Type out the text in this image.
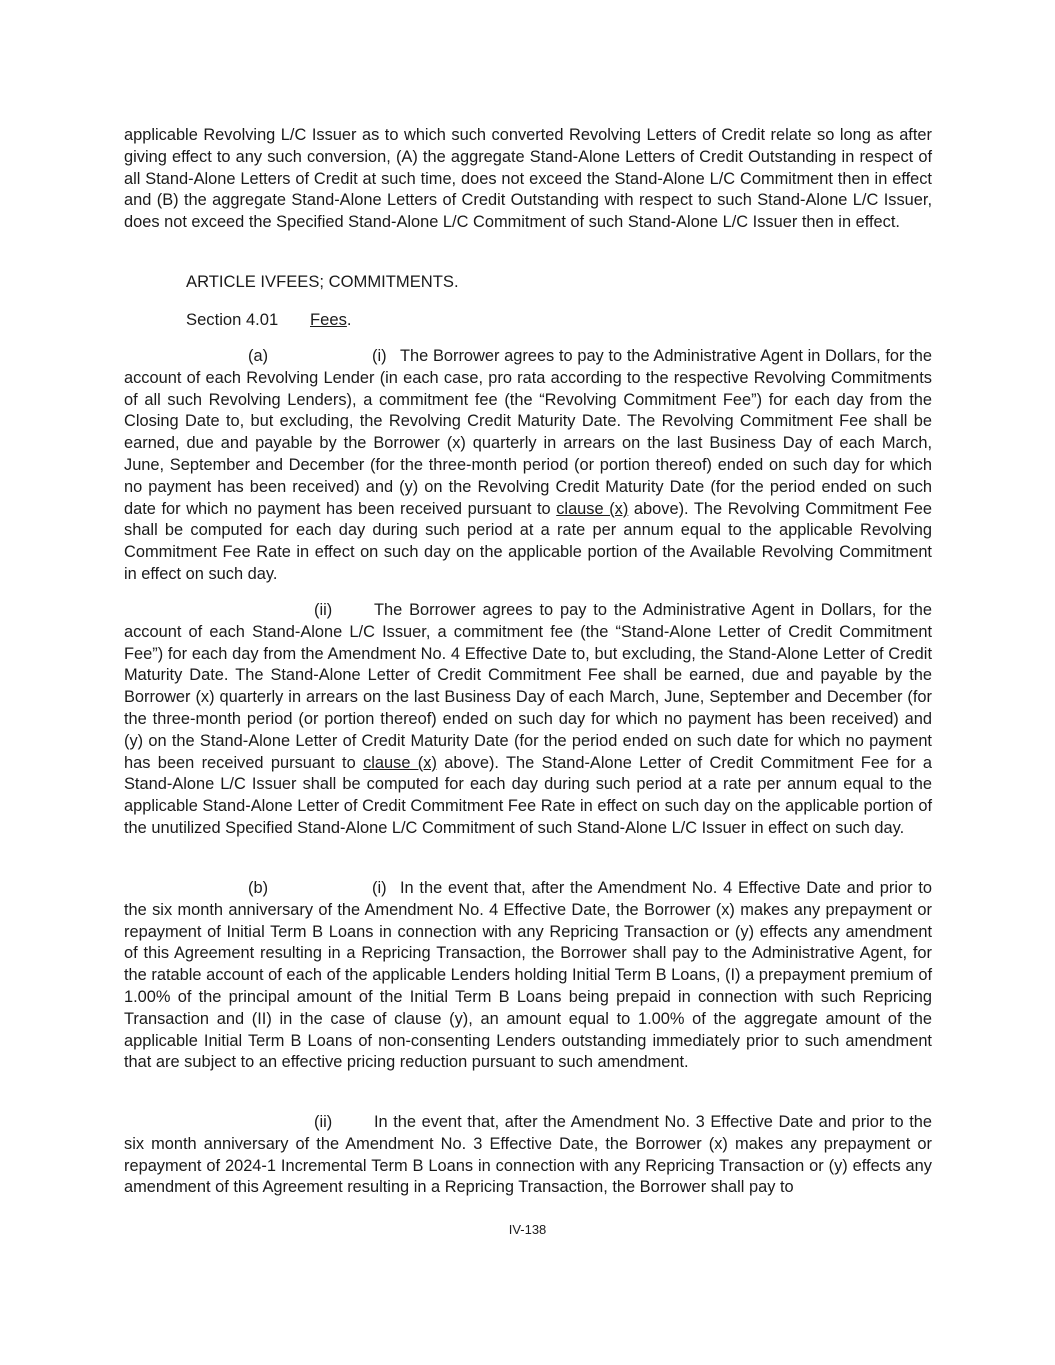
applicable Revolving L/C Issuer as to which such converted Revolving Letters of Credit relate so long as after giving effect to any such conversion, (A) the aggregate Stand-Alone Letters of Credit Outstanding in respect of all Stand-Alone Letters of Credit at such time, does not exceed the Stand-Alone L/C Commitment then in effect and (B) the aggregate Stand-Alone Letters of Credit Outstanding with respect to such Stand-Alone L/C Issuer, does not exceed the Specified Stand-Alone L/C Commitment of such Stand-Alone L/C Issuer then in effect.
ARTICLE IVFEES; COMMITMENTS.
Section 4.01 Fees.
(a)	(i) The Borrower agrees to pay to the Administrative Agent in Dollars, for the account of each Revolving Lender (in each case, pro rata according to the respective Revolving Commitments of all such Revolving Lenders), a commitment fee (the “Revolving Commitment Fee”) for each day from the Closing Date to, but excluding, the Revolving Credit Maturity Date. The Revolving Commitment Fee shall be earned, due and payable by the Borrower (x) quarterly in arrears on the last Business Day of each March, June, September and December (for the three-month period (or portion thereof) ended on such day for which no payment has been received) and (y) on the Revolving Credit Maturity Date (for the period ended on such date for which no payment has been received pursuant to clause (x) above). The Revolving Commitment Fee shall be computed for each day during such period at a rate per annum equal to the applicable Revolving Commitment Fee Rate in effect on such day on the applicable portion of the Available Revolving Commitment in effect on such day.
(ii)	The Borrower agrees to pay to the Administrative Agent in Dollars, for the account of each Stand-Alone L/C Issuer, a commitment fee (the “Stand-Alone Letter of Credit Commitment Fee”) for each day from the Amendment No. 4 Effective Date to, but excluding, the Stand-Alone Letter of Credit Maturity Date. The Stand-Alone Letter of Credit Commitment Fee shall be earned, due and payable by the Borrower (x) quarterly in arrears on the last Business Day of each March, June, September and December (for the three-month period (or portion thereof) ended on such day for which no payment has been received) and (y) on the Stand-Alone Letter of Credit Maturity Date (for the period ended on such date for which no payment has been received pursuant to clause (x) above). The Stand-Alone Letter of Credit Commitment Fee for a Stand-Alone L/C Issuer shall be computed for each day during such period at a rate per annum equal to the applicable Stand-Alone Letter of Credit Commitment Fee Rate in effect on such day on the applicable portion of the unutilized Specified Stand-Alone L/C Commitment of such Stand-Alone L/C Issuer in effect on such day.
(b)	(i) In the event that, after the Amendment No. 4 Effective Date and prior to the six month anniversary of the Amendment No. 4 Effective Date, the Borrower (x) makes any prepayment or repayment of Initial Term B Loans in connection with any Repricing Transaction or (y) effects any amendment of this Agreement resulting in a Repricing Transaction, the Borrower shall pay to the Administrative Agent, for the ratable account of each of the applicable Lenders holding Initial Term B Loans, (I) a prepayment premium of 1.00% of the principal amount of the Initial Term B Loans being prepaid in connection with such Repricing Transaction and (II) in the case of clause (y), an amount equal to 1.00% of the aggregate amount of the applicable Initial Term B Loans of non-consenting Lenders outstanding immediately prior to such amendment that are subject to an effective pricing reduction pursuant to such amendment.
(ii)	In the event that, after the Amendment No. 3 Effective Date and prior to the six month anniversary of the Amendment No. 3 Effective Date, the Borrower (x) makes any prepayment or repayment of 2024-1 Incremental Term B Loans in connection with any Repricing Transaction or (y) effects any amendment of this Agreement resulting in a Repricing Transaction, the Borrower shall pay to
IV-138
